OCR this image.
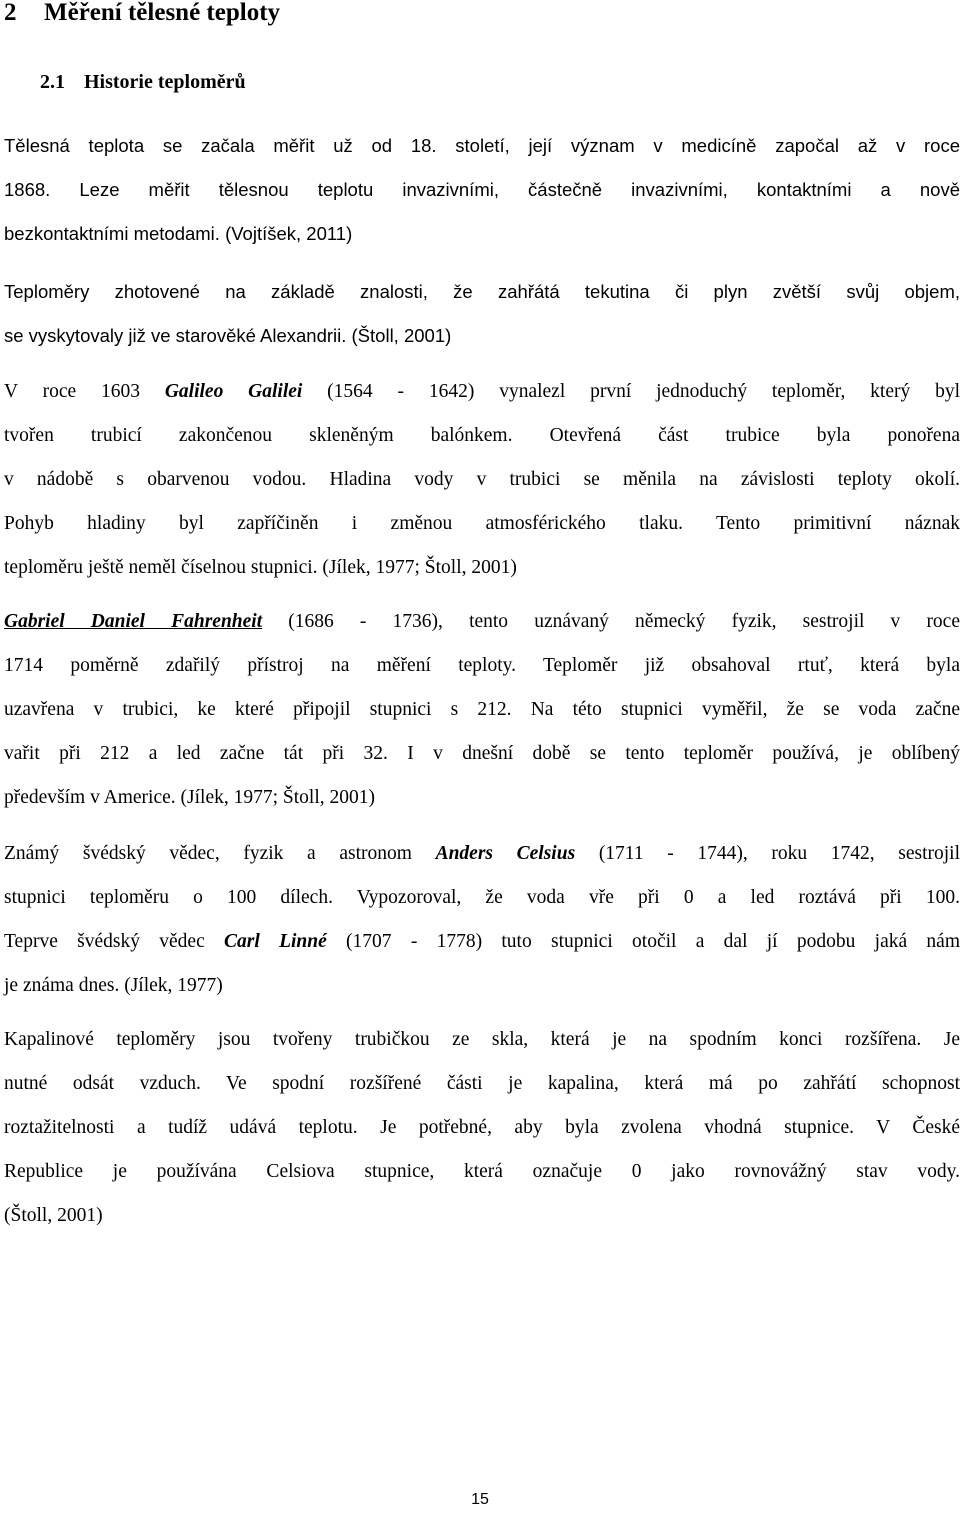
2 Měření tělesné teploty
2.1 Historie teploměrů
Tělesná teplota se začala měřit už od 18. století, její význam v medicíně započal až v roce
1868. Leze měřit tělesnou teplotu invazivními, částečně invazivními, kontaktními a nově
bezkontaktními metodami. (Vojtíšek, 2011)
Teploměry zhotovené na základě znalosti, že zahřátá tekutina či plyn zvětší svůj objem,
se vyskytovaly již ve starověké Alexandrii. (Štoll, 2001)
V roce 1603 Galileo Galilei (1564 - 1642) vynalezl první jednoduchý teploměr, který byl
tvořen trubicí zakončenou skleněným balónkem. Otevřená část trubice byla ponořena
v nádobě s obarvenou vodou. Hladina vody v trubici se měnila na závislosti teploty okolí.
Pohyb hladiny byl zapříčiněn i změnou atmosférického tlaku. Tento primitivní náznak
teploměru ještě neměl číselnou stupnici. (Jílek, 1977; Štoll, 2001)
Gabriel Daniel Fahrenheit (1686 - 1736), tento uznávaný německý fyzik, sestrojil v roce
1714 poměrně zdařilý přístroj na měření teploty. Teploměr již obsahoval rtuť, která byla
uzavřena v trubici, ke které připojil stupnici s 212. Na této stupnici vyměřil, že se voda začne
vařit při 212 a led začne tát při 32. I v dnešní době se tento teploměr používá, je oblíbený
především v Americe. (Jílek, 1977; Štoll, 2001)
Známý švédský vědec, fyzik a astronom Anders Celsius (1711 - 1744), roku 1742, sestrojil
stupnici teploměru o 100 dílech. Vypozoroval, že voda vře při 0 a led roztává při 100.
Teprve švédský vědec Carl Linné (1707 - 1778) tuto stupnici otočil a dal jí podobu jaká nám
je známa dnes. (Jílek, 1977)
Kapalinové teploměry jsou tvořeny trubičkou ze skla, která je na spodním konci rozšířena. Je
nutné odsát vzduch. Ve spodní rozšířené části je kapalina, která má po zahřátí schopnost
roztažitelnosti a tudíž udává teplotu. Je potřebné, aby byla zvolena vhodná stupnice. V České
Republice je používána Celsiova stupnice, která označuje 0 jako rovnovážný stav vody.
(Štoll, 2001)
15
